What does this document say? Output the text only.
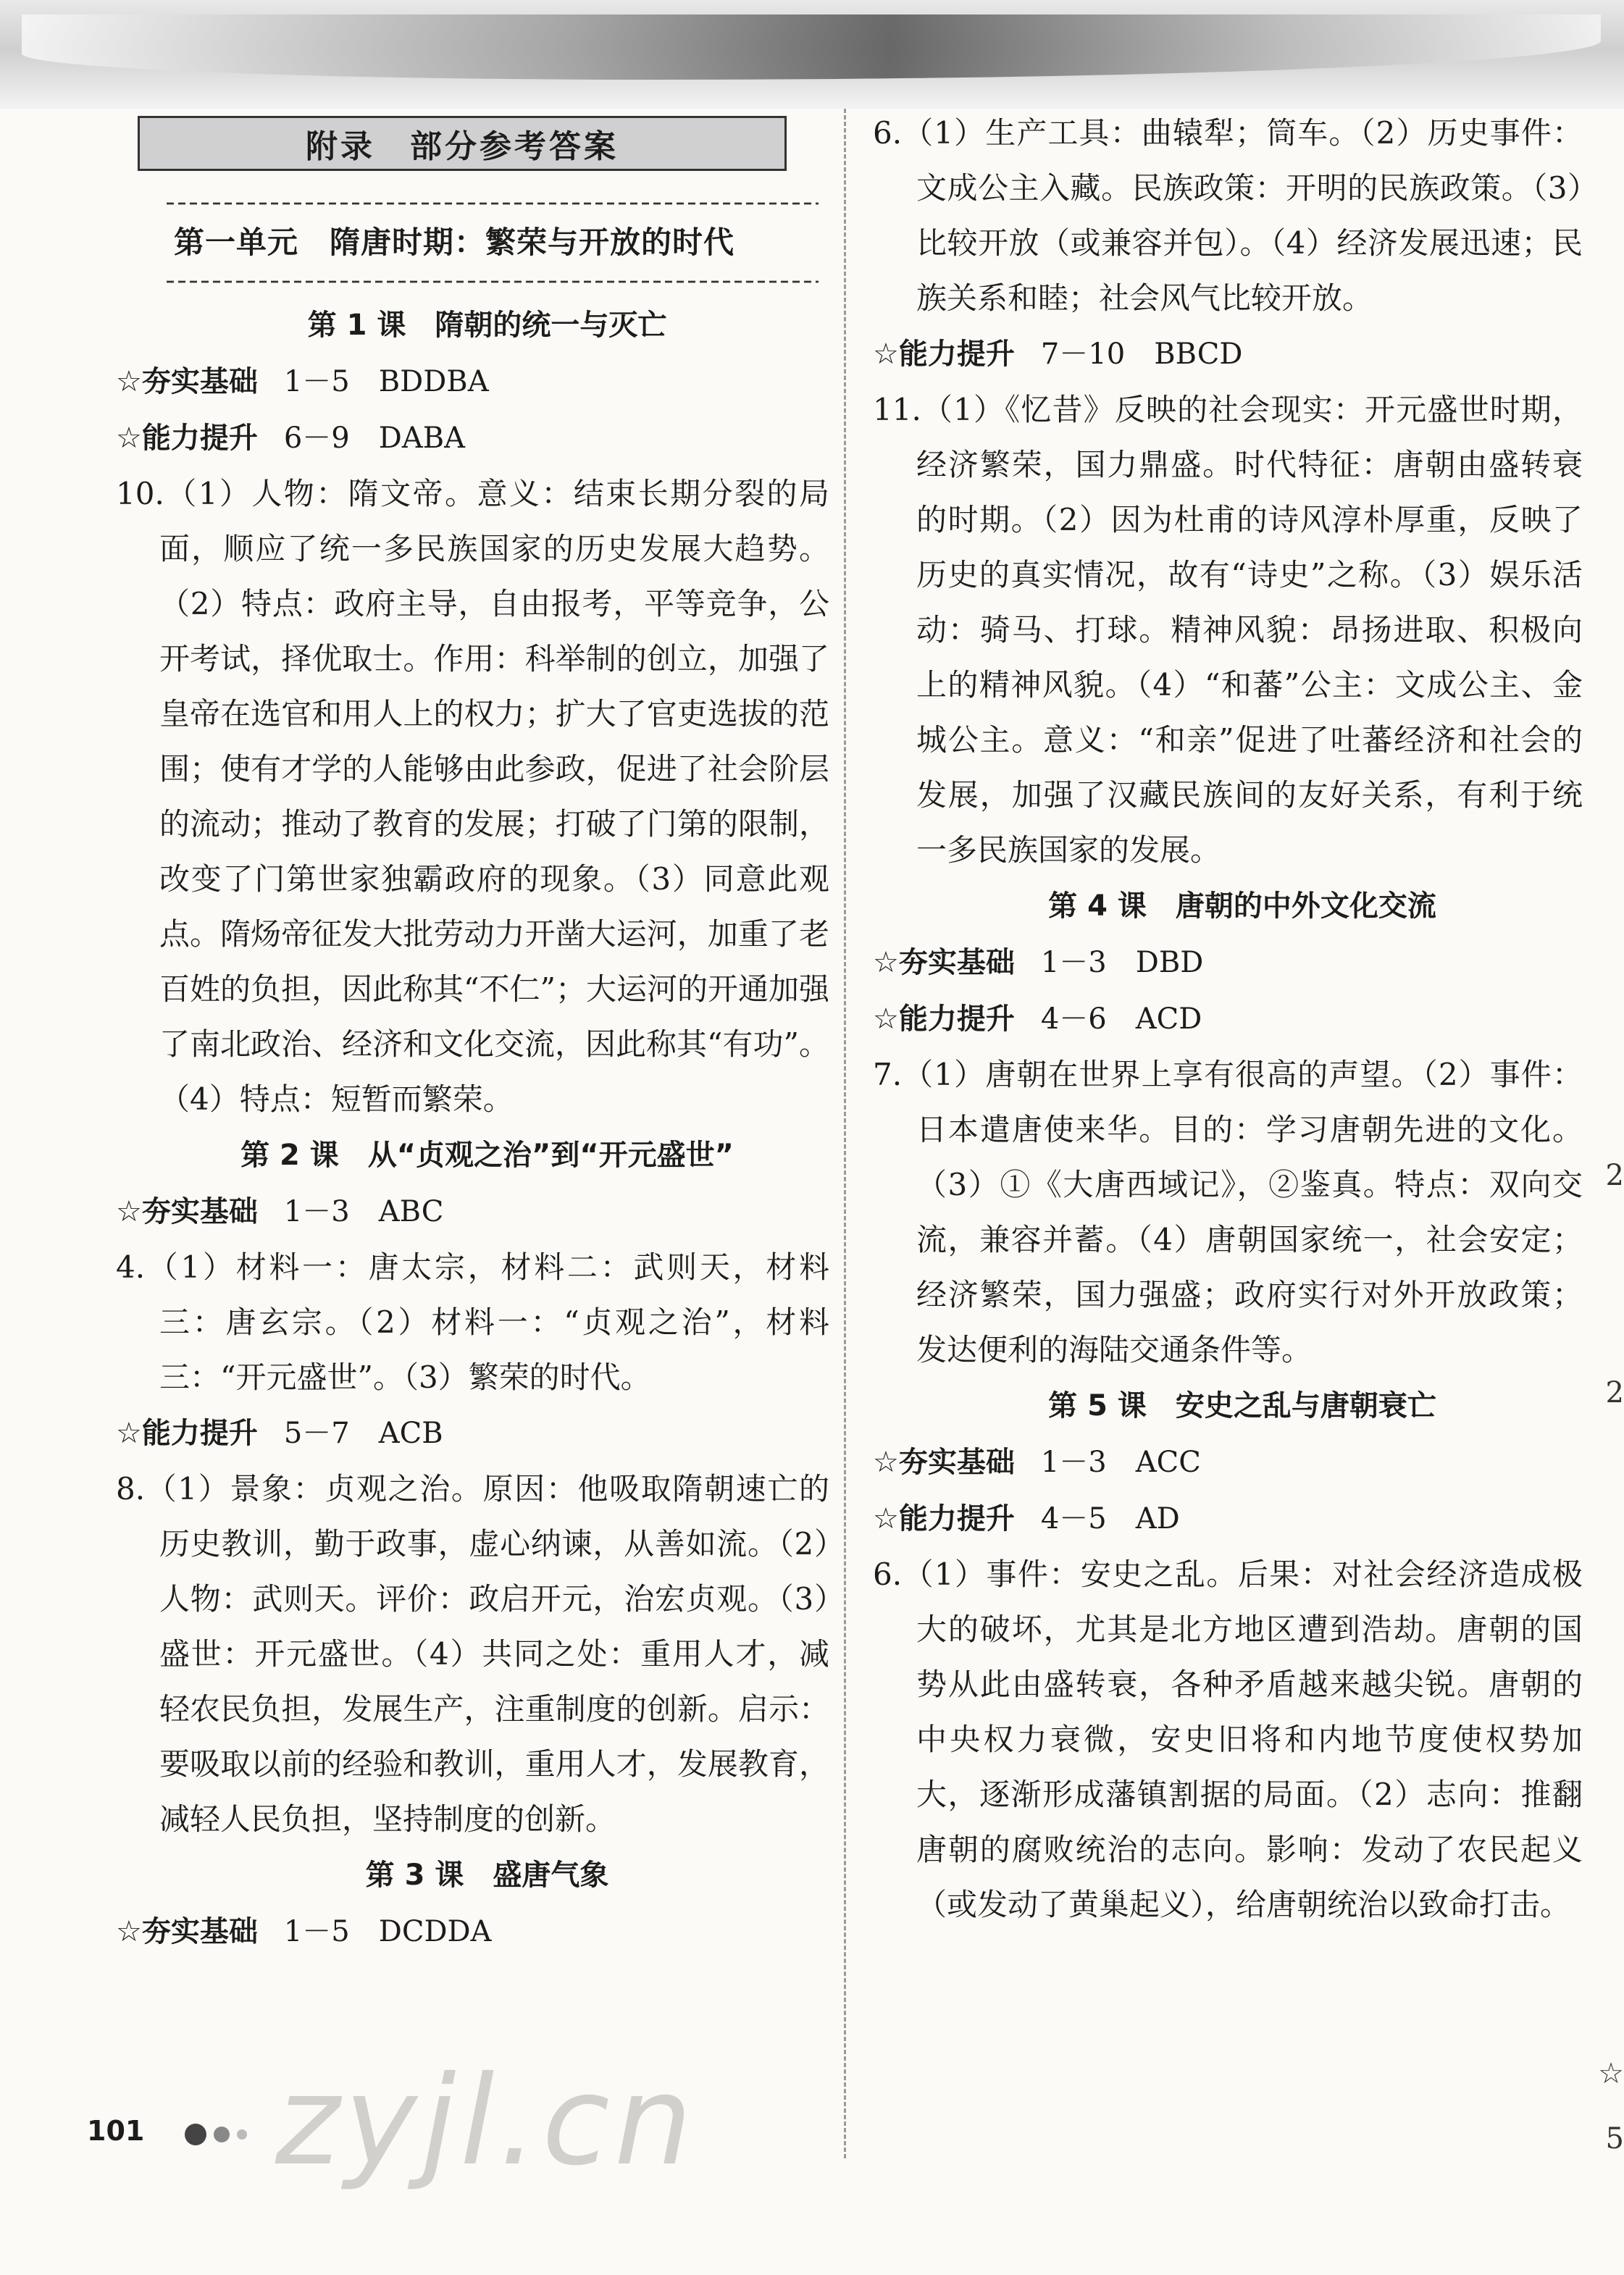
附录　部分参考答案
第一单元　隋唐时期：繁荣与开放的时代
第 1 课　隋朝的统一与灭亡
☆夯实基础 1－5 BDDBA
☆能力提升 6－9 DABA
10.（1）人物：隋文帝。意义：结束长期分裂的局面，顺应了统一多民族国家的历史发展大趋势。（2）特点：政府主导，自由报考，平等竞争，公开考试，择优取士。作用：科举制的创立，加强了皇帝在选官和用人上的权力；扩大了官吏选拔的范围；使有才学的人能够由此参政，促进了社会阶层的流动；推动了教育的发展；打破了门第的限制，改变了门第世家独霸政府的现象。（3）同意此观点。隋炀帝征发大批劳动力开凿大运河，加重了老百姓的负担，因此称其“不仁”；大运河的开通加强了南北政治、经济和文化交流，因此称其“有功”。（4）特点：短暂而繁荣。
第 2 课　从“贞观之治”到“开元盛世”
☆夯实基础 1－3 ABC
4.（1）材料一：唐太宗，材料二：武则天，材料三：唐玄宗。（2）材料一：“贞观之治”，材料三：“开元盛世”。（3）繁荣的时代。
☆能力提升 5－7 ACB
8.（1）景象：贞观之治。原因：他吸取隋朝速亡的历史教训，勤于政事，虚心纳谏，从善如流。（2）人物：武则天。评价：政启开元，治宏贞观。（3）盛世：开元盛世。（4）共同之处：重用人才，减轻农民负担，发展生产，注重制度的创新。启示：要吸取以前的经验和教训，重用人才，发展教育，减轻人民负担，坚持制度的创新。
第 3 课　盛唐气象
☆夯实基础 1－5 DCDDA
6.（1）生产工具：曲辕犁；筒车。（2）历史事件：文成公主入藏。民族政策：开明的民族政策。（3）比较开放（或兼容并包）。（4）经济发展迅速；民族关系和睦；社会风气比较开放。
☆能力提升 7－10 BBCD
11.（1）《忆昔》反映的社会现实：开元盛世时期，经济繁荣，国力鼎盛。时代特征：唐朝由盛转衰的时期。（2）因为杜甫的诗风淳朴厚重，反映了历史的真实情况，故有“诗史”之称。（3）娱乐活动：骑马、打球。精神风貌：昂扬进取、积极向上的精神风貌。（4）“和蕃”公主：文成公主、金城公主。意义：“和亲”促进了吐蕃经济和社会的发展，加强了汉藏民族间的友好关系，有利于统一多民族国家的发展。
第 4 课　唐朝的中外文化交流
☆夯实基础 1－3 DBD
☆能力提升 4－6 ACD
7.（1）唐朝在世界上享有很高的声望。（2）事件：日本遣唐使来华。目的：学习唐朝先进的文化。（3）①《大唐西域记》，②鉴真。特点：双向交流，兼容并蓄。（4）唐朝国家统一，社会安定；经济繁荣，国力强盛；政府实行对外开放政策；发达便利的海陆交通条件等。
第 5 课　安史之乱与唐朝衰亡
☆夯实基础 1－3 ACC
☆能力提升 4－5 AD
6.（1）事件：安史之乱。后果：对社会经济造成极大的破坏，尤其是北方地区遭到浩劫。唐朝的国势从此由盛转衰，各种矛盾越来越尖锐。唐朝的中央权力衰微，安史旧将和内地节度使权势加大，逐渐形成藩镇割据的局面。（2）志向：推翻唐朝的腐败统治的志向。影响：发动了农民起义（或发动了黄巢起义），给唐朝统治以致命打击。
2
2
☆
5
101 zyjl.cn
